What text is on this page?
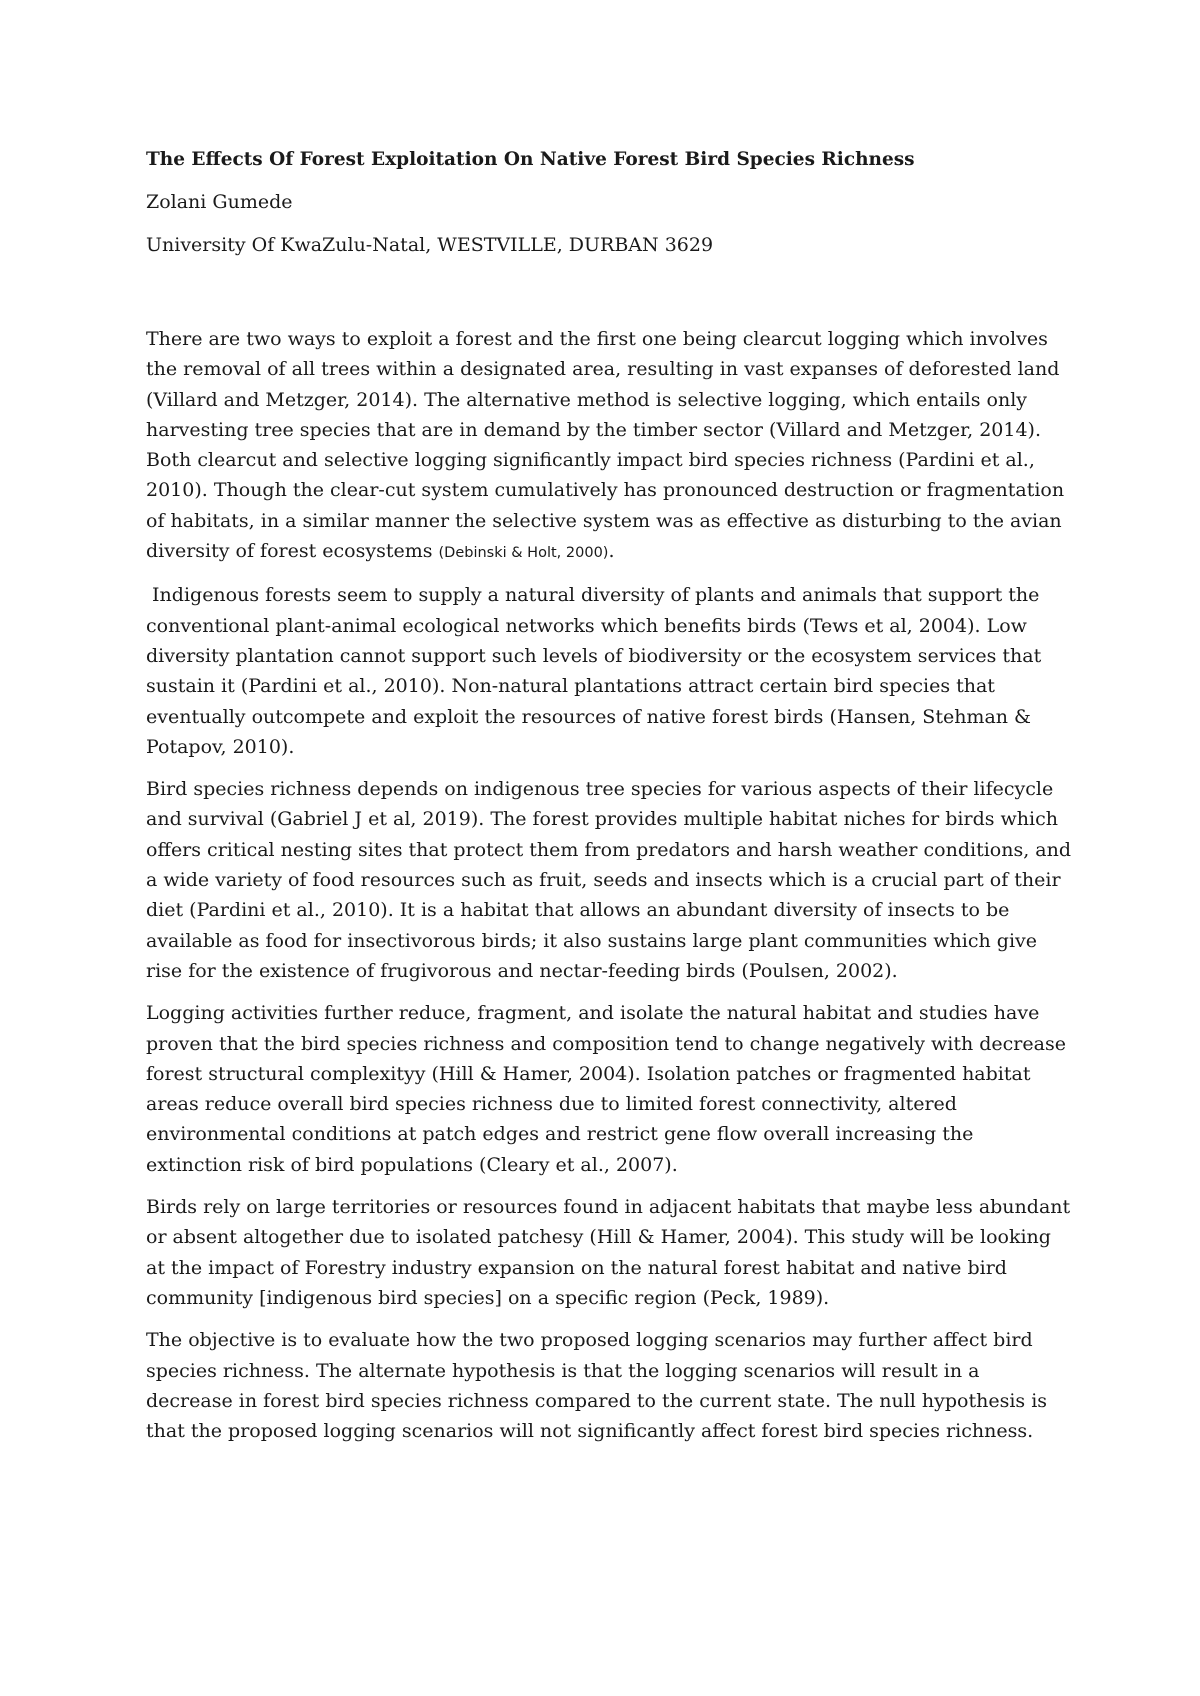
The Effects Of Forest Exploitation On Native Forest Bird Species Richness

Zolani Gumede

University Of KwaZulu-Natal, WESTVILLE, DURBAN 3629

There are two ways to exploit a forest and the first one being clearcut logging which involves the removal of all trees within a designated area, resulting in vast expanses of deforested land (Villard and Metzger, 2014). The alternative method is selective logging, which entails only harvesting tree species that are in demand by the timber sector (Villard and Metzger, 2014). Both clearcut and selective logging significantly impact bird species richness (Pardini et al., 2010). Though the clear-cut system cumulatively has pronounced destruction or fragmentation of habitats, in a similar manner the selective system was as effective as disturbing to the avian diversity of forest ecosystems (Debinski & Holt, 2000).

Indigenous forests seem to supply a natural diversity of plants and animals that support the conventional plant-animal ecological networks which benefits birds (Tews et al, 2004). Low diversity plantation cannot support such levels of biodiversity or the ecosystem services that sustain it (Pardini et al., 2010). Non-natural plantations attract certain bird species that eventually outcompete and exploit the resources of native forest birds (Hansen, Stehman & Potapov, 2010).

Bird species richness depends on indigenous tree species for various aspects of their lifecycle and survival (Gabriel J et al, 2019). The forest provides multiple habitat niches for birds which offers critical nesting sites that protect them from predators and harsh weather conditions, and a wide variety of food resources such as fruit, seeds and insects which is a crucial part of their diet (Pardini et al., 2010). It is a habitat that allows an abundant diversity of insects to be available as food for insectivorous birds; it also sustains large plant communities which give rise for the existence of frugivorous and nectar-feeding birds (Poulsen, 2002).

Logging activities further reduce, fragment, and isolate the natural habitat and studies have proven that the bird species richness and composition tend to change negatively with decrease forest structural complexityy (Hill & Hamer, 2004). Isolation patches or fragmented habitat areas reduce overall bird species richness due to limited forest connectivity, altered environmental conditions at patch edges and restrict gene flow overall increasing the extinction risk of bird populations (Cleary et al., 2007).

Birds rely on large territories or resources found in adjacent habitats that maybe less abundant or absent altogether due to isolated patchesy (Hill & Hamer, 2004). This study will be looking at the impact of Forestry industry expansion on the natural forest habitat and native bird community [indigenous bird species] on a specific region (Peck, 1989).

The objective is to evaluate how the two proposed logging scenarios may further affect bird species richness. The alternate hypothesis is that the logging scenarios will result in a decrease in forest bird species richness compared to the current state. The null hypothesis is that the proposed logging scenarios will not significantly affect forest bird species richness.
